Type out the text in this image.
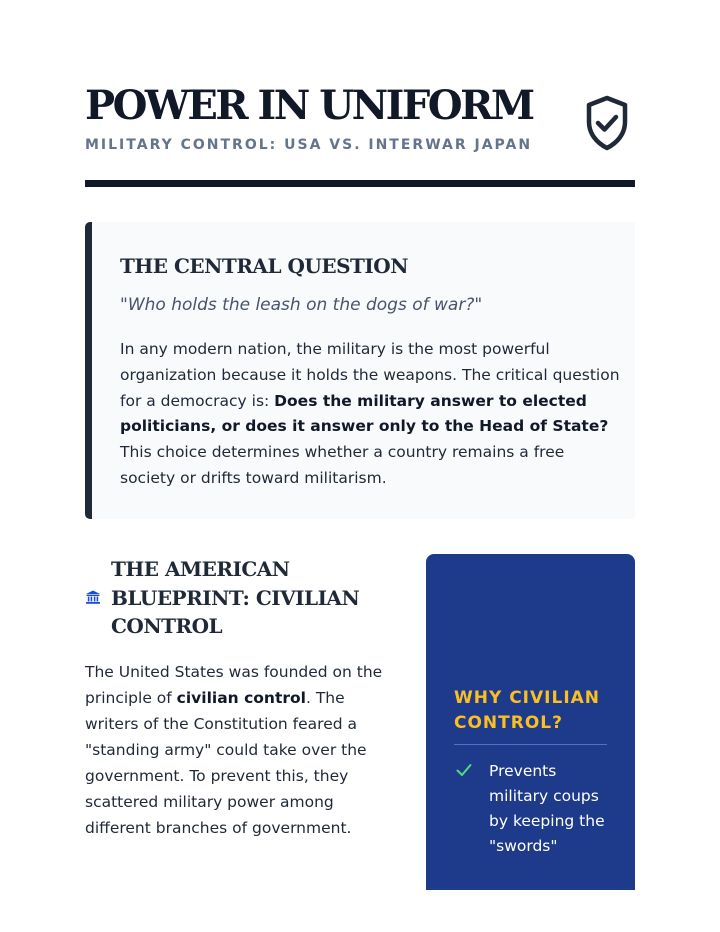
POWER IN UNIFORM
MILITARY CONTROL: USA VS. INTERWAR JAPAN
THE CENTRAL QUESTION

"Who holds the leash on the dogs of war?"

In any modern nation, the military is the most powerful organization because it holds the weapons. The critical question for a democracy is: Does the military answer to elected politicians, or does it answer only to the Head of State? This choice determines whether a country remains a free society or drifts toward militarism.

THE AMERICAN BLUEPRINT: CIVILIAN CONTROL

The United States was founded on the principle of civilian control. The writers of the Constitution feared a "standing army" could take over the government. To prevent this, they scattered military power among different branches of government.

WHY CIVILIAN CONTROL?

Prevents military coups by keeping the "swords"
